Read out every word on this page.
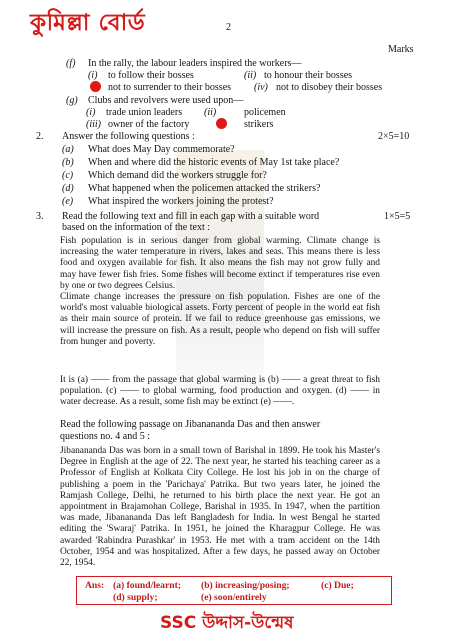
কুমিল্লা বোর্ড	2
Marks
(f) In the rally, the labour leaders inspired the workers—
(i) to follow their bosses	(ii) to honour their bosses
not to surrender to their bosses (iv) not to disobey their bosses
(g) Clubs and revolvers were used upon—
(i) trade union leaders (ii)	policemen
(iii) owner of the factory	strikers
2. Answer the following questions :	2×5=10
(a) What does May Day commemorate?
(b) When and where did the historic events of May 1st take place?
(c) Which demand did the workers struggle for?
(d) What happened when the policemen attacked the strikers?
(e) What inspired the workers joining the protest?
3. Read the following text and fill in each gap with a suitable word	1×5=5
based on the information of the text :
Fish population is in serious danger from global warming. Climate change is increasing the water temperature in rivers, lakes and seas. This means there is less food and oxygen available for fish. It also means the fish may not grow fully and may have fewer fish fries. Some fishes will become extinct if temperatures rise even by one or two degrees Celsius.
Climate change increases the pressure on fish population. Fishes are one of the world's most valuable biological assets. Forty percent of people in the world eat fish as their main source of protein. If we fail to reduce greenhouse gas emissions, we will increase the pressure on fish. As a result, people who depend on fish will suffer from hunger and poverty.
It is (a) —— from the passage that global warming is (b) —— a great threat to fish population. (c) —— to global warming, food production and oxygen. (d) —— in water decrease. As a result, some fish may be extinct (e) ——.
Read the following passage on Jibanananda Das and then answer
questions no. 4 and 5 :
Jibanananda Das was born in a small town of Barishal in 1899. He took his Master's Degree in English at the age of 22. The next year, he started his teaching career as a Professor of English at Kolkata City College. He lost his job in on the charge of publishing a poem in the 'Parichaya' Patrika. But two years later, he joined the Ramjash College, Delhi, he returned to his birth place the next year. He got an appointment in Brajamohan College, Barishal in 1935. In 1947, when the partition was made, Jibanananda Das left Bangladesh for India. In west Bengal he started editing the 'Swaraj' Patrika. In 1951, he joined the Kharagpur College. He was awarded 'Rabindra Purashkar' in 1953. He met with a tram accident on the 14th October, 1954 and was hospitalized. After a few days, he passed away on October 22, 1954.
Ans: (a) found/learnt; (b) increasing/posing;	(c) Due;
(d) supply;	(e) soon/entirely
SSC উদ্দাস-উন্মেষ
